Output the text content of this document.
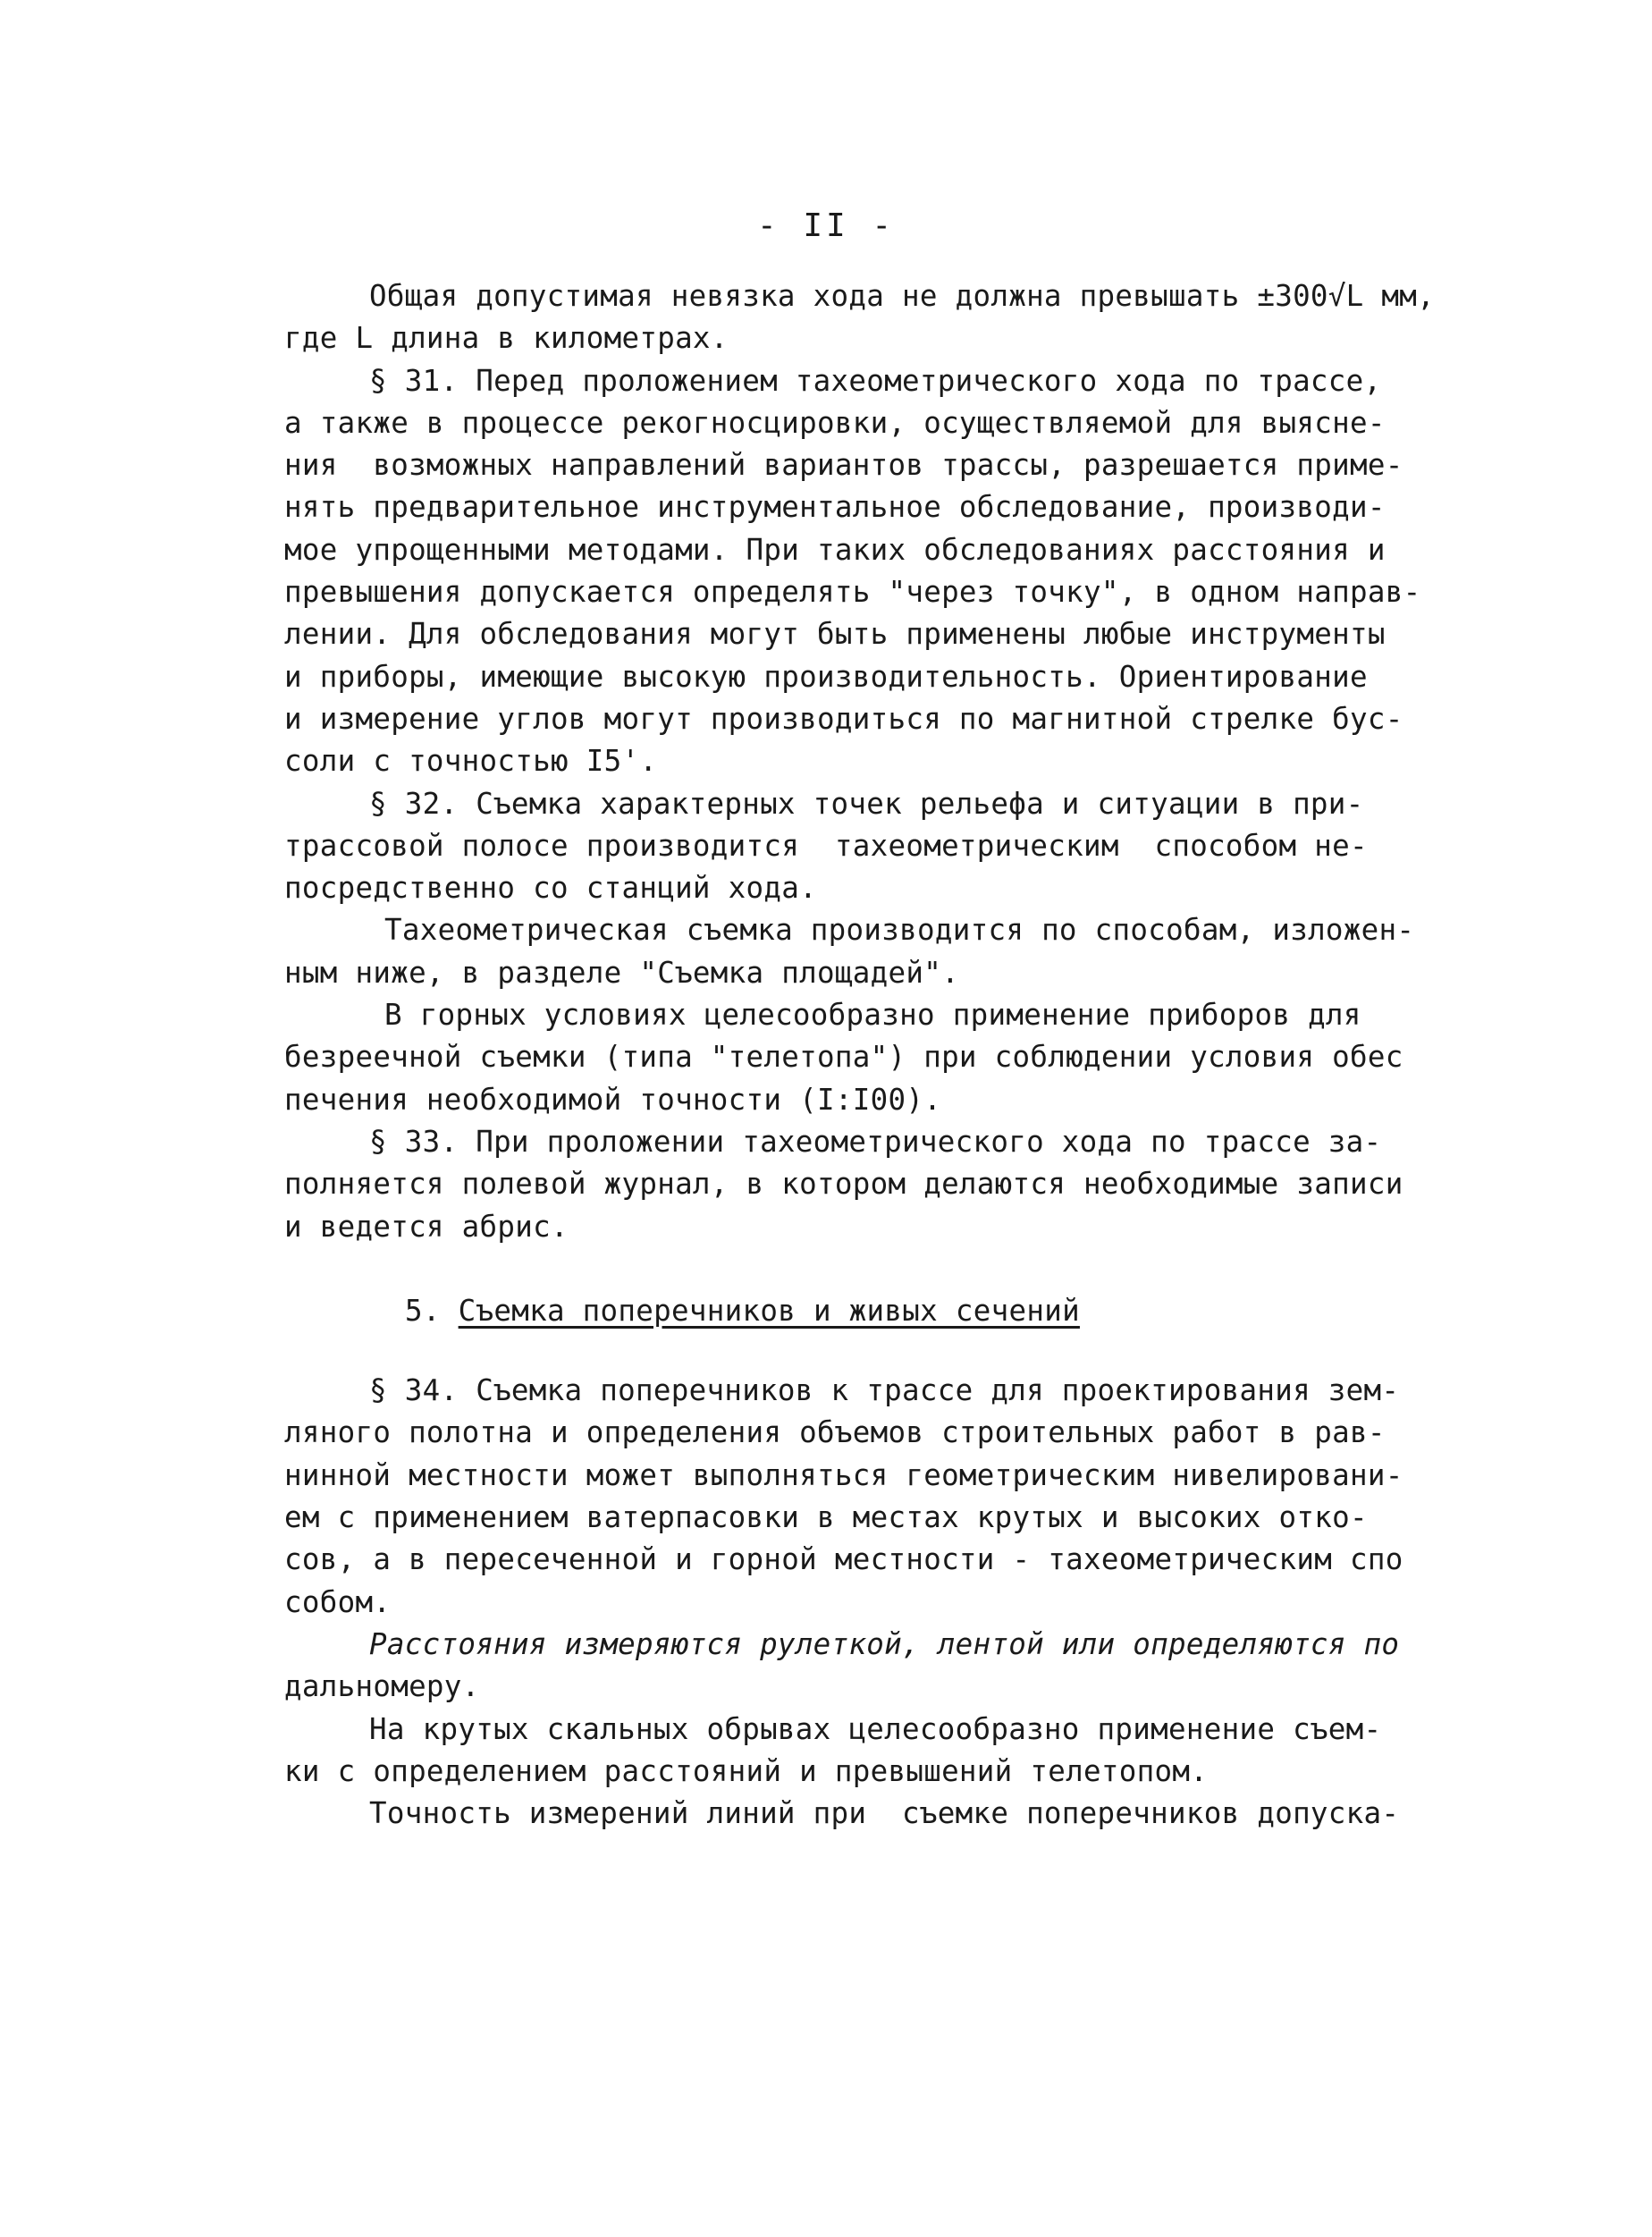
- II -
Общая допустимая невязка хода не должна превышать ±300√L мм,
где L длина в километрах.
§ 31. Перед проложением тахеометрического хода по трассе,
а также в процессе рекогносцировки, осуществляемой для выясне-
ния  возможных направлений вариантов трассы, разрешается приме-
нять предварительное инструментальное обследование, производи-
мое упрощенными методами. При таких обследованиях расстояния и
превышения допускается определять "через точку", в одном направ-
лении. Для обследования могут быть применены любые инструменты
и приборы, имеющие высокую производительность. Ориентирование
и измерение углов могут производиться по магнитной стрелке бус-
соли с точностью I5'.
§ 32. Съемка характерных точек рельефа и ситуации в при-
трассовой полосе производится  тахеометрическим  способом не-
посредственно со станций хода.
Тахеометрическая съемка производится по способам, изложен-
ным ниже, в разделе "Съемка площадей".
В горных условиях целесообразно применение приборов для
безреечной съемки (типа "телетопа") при соблюдении условия обес
печения необходимой точности (I:I00).
§ 33. При проложении тахеометрического хода по трассе за-
полняется полевой журнал, в котором делаются необходимые записи
и ведется абрис.
5. Съемка поперечников и живых сечений
§ 34. Съемка поперечников к трассе для проектирования зем-
ляного полотна и определения объемов строительных работ в рав-
нинной местности может выполняться геометрическим нивелировани-
ем с применением ватерпасовки в местах крутых и высоких отко-
сов, а в пересеченной и горной местности - тахеометрическим спо
собом.
Расстояния измеряются рулеткой, лентой или определяются по
дальномеру.
На крутых скальных обрывах целесообразно применение съем-
ки с определением расстояний и превышений телетопом.
Точность измерений линий при  съемке поперечников допуска-
